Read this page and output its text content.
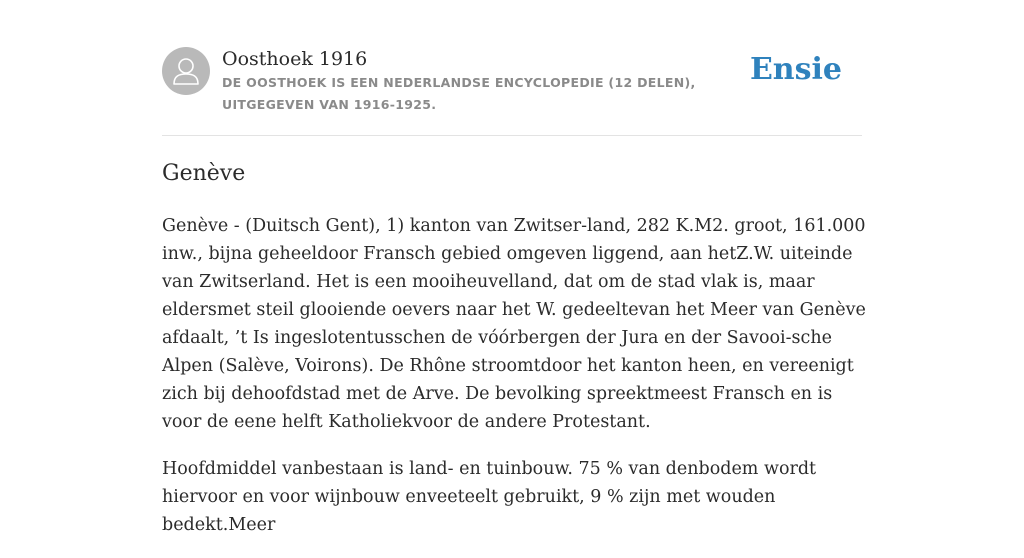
Oosthoek 1916
DE OOSTHOEK IS EEN NEDERLANDSE ENCYCLOPEDIE (12 DELEN), UITGEGEVEN VAN 1916-1925.
Ensie
Genève

Genève - (Duitsch Gent), 1) kanton van Zwitser-land, 282 K.M2. groot, 161.000 inw., bijna geheeldoor Fransch gebied omgeven liggend, aan hetZ.W. uiteinde van Zwitserland. Het is een mooiheuvelland, dat om de stad vlak is, maar eldersmet steil glooiende oevers naar het W. gedeeltevan het Meer van Genève afdaalt, ’t Is ingeslotentusschen de vóórbergen der Jura en der Savooi-sche Alpen (Salève, Voirons). De Rhône stroomtdoor het kanton heen, en vereenigt zich bij dehoofdstad met de Arve. De bevolking spreektmeest Fransch en is voor de eene helft Katholiekvoor de andere Protestant.

Hoofdmiddel vanbestaan is land- en tuinbouw. 75 % van denbodem wordt hiervoor en voor wijnbouw enveeteelt gebruikt, 9 % zijn met wouden bedekt.Meer
